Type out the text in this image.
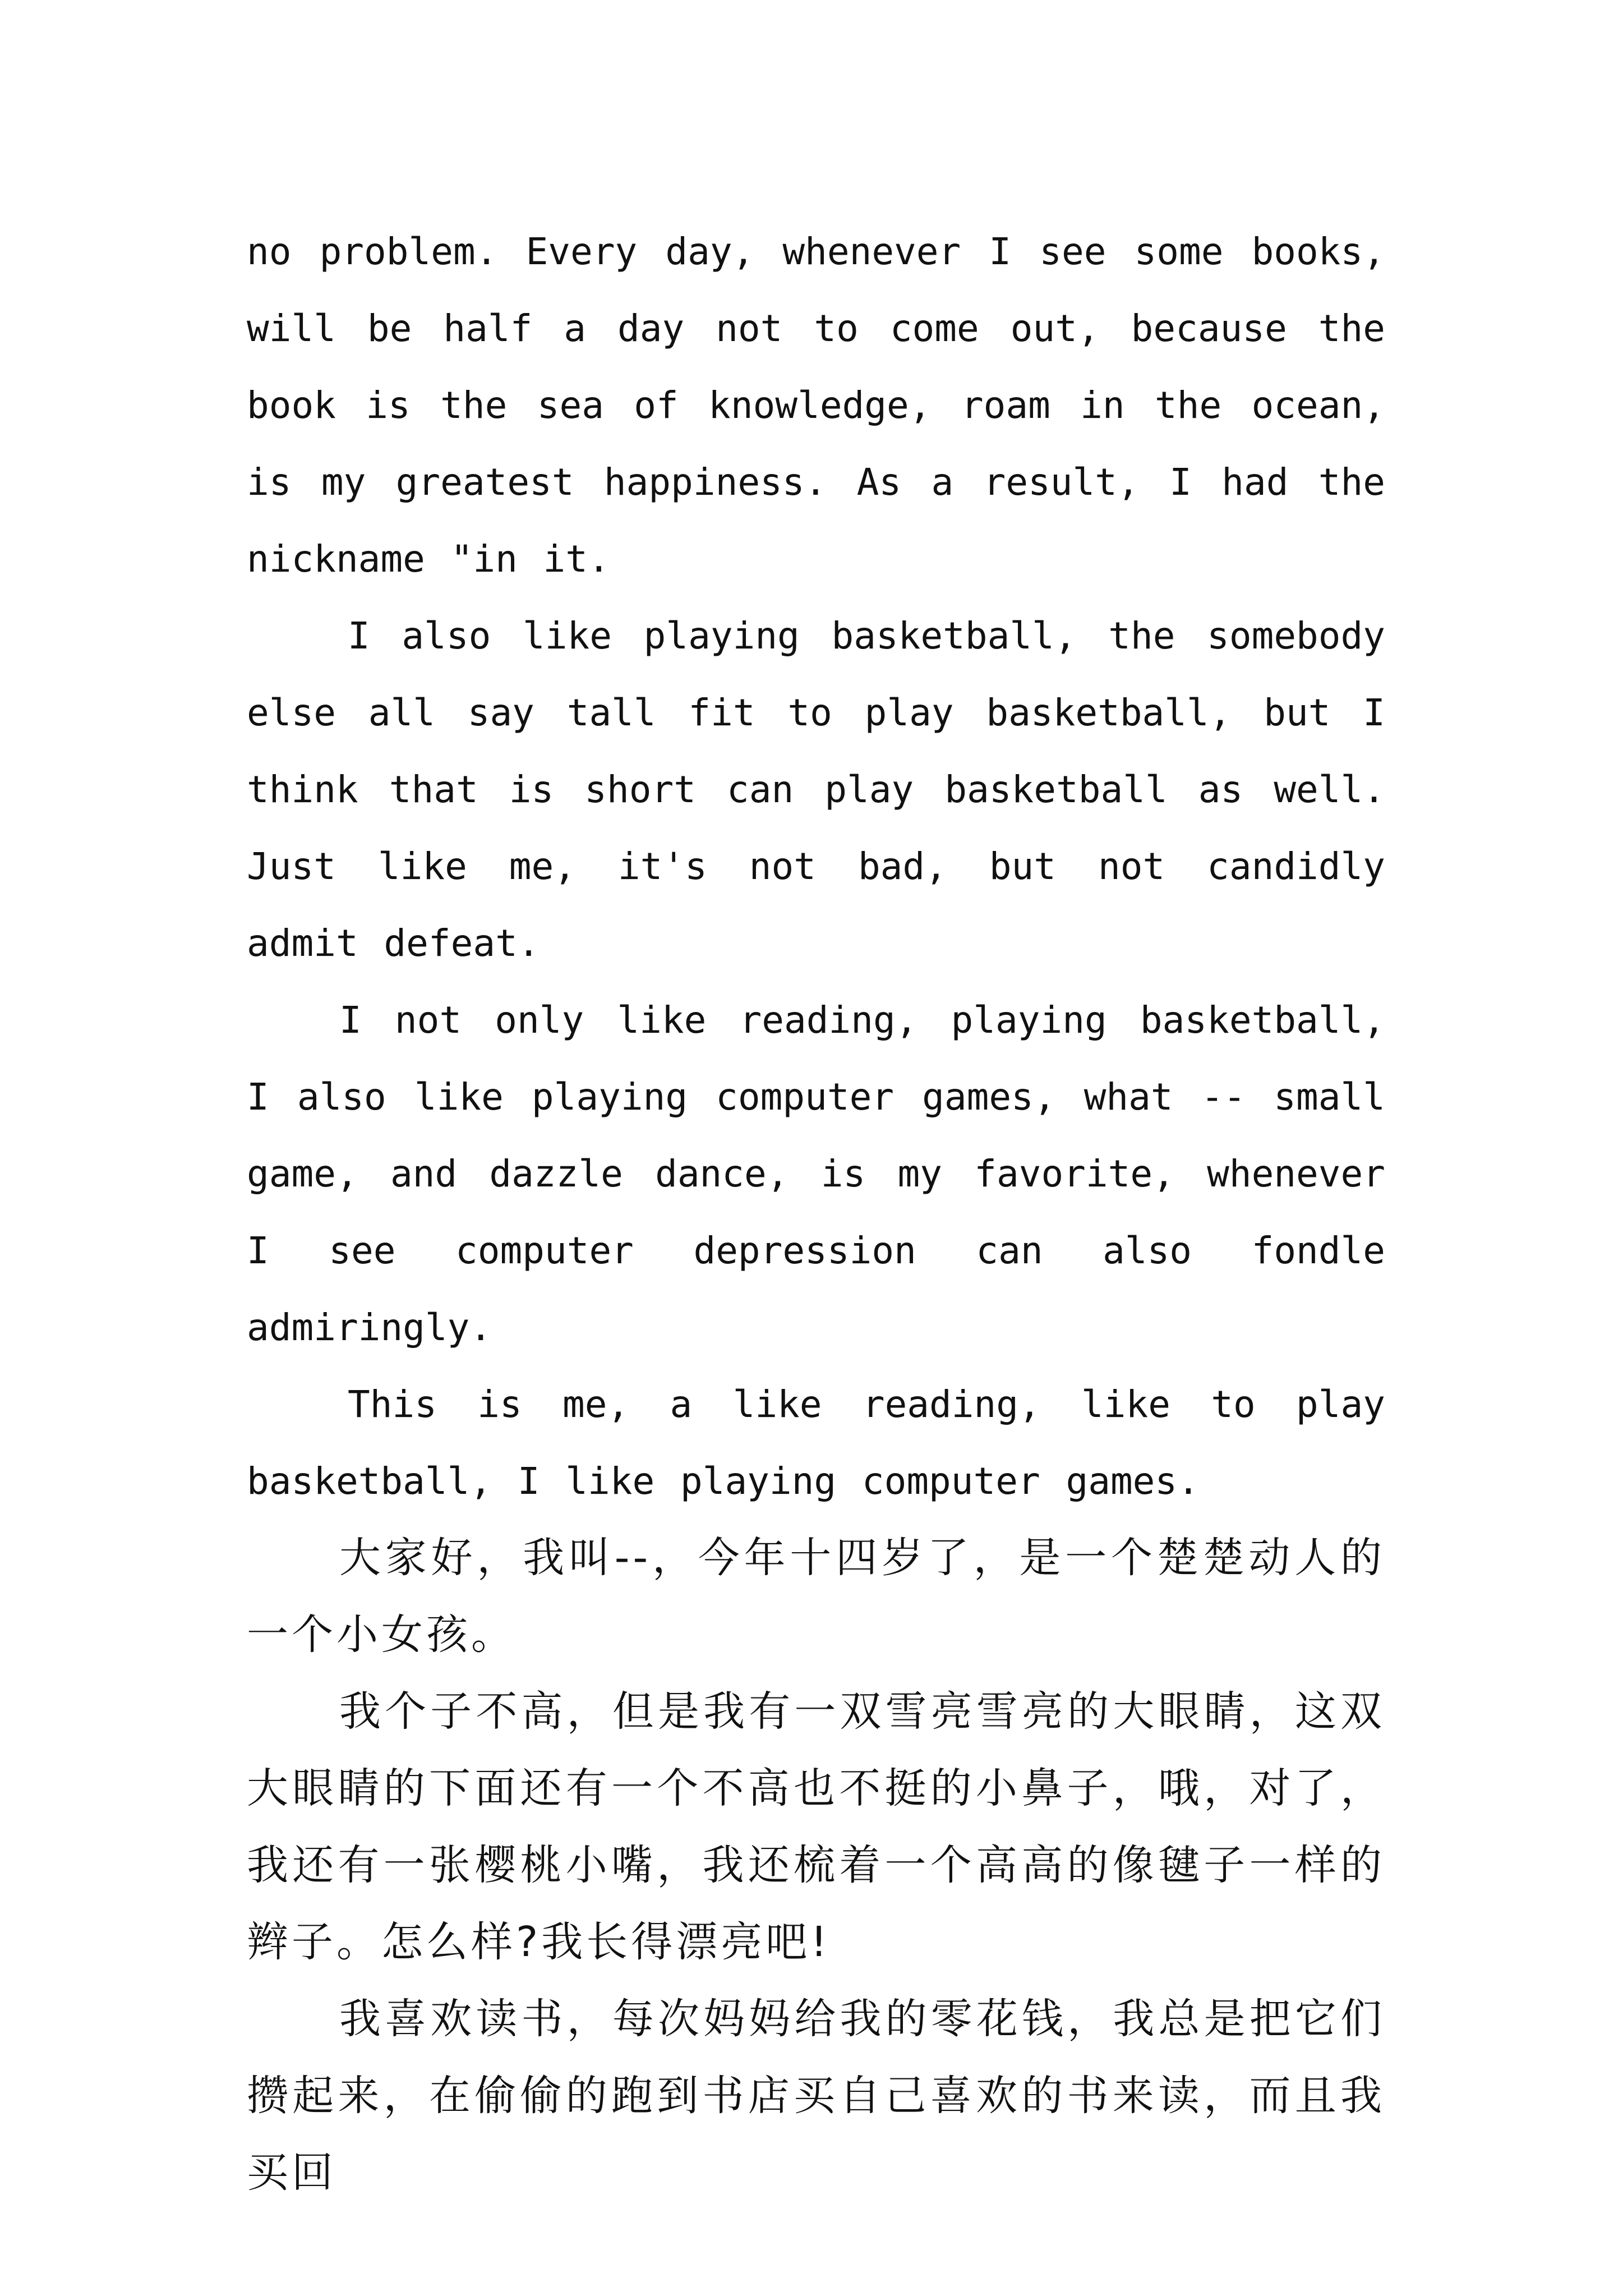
no problem. Every day, whenever I see some books, will be half a day not to come out, because the book is the sea of knowledge, roam in the ocean, is my greatest happiness. As a result, I had the nickname "in it.

I also like playing basketball, the somebody else all say tall fit to play basketball, but I think that is short can play basketball as well. Just like me, it's not bad, but not candidly admit defeat.

I not only like reading, playing basketball, I also like playing computer games, what -- small game, and dazzle dance, is my favorite, whenever I see computer depression can also fondle admiringly.

This is me, a like reading, like to play basketball, I like playing computer games.

大家好，我叫--，今年十四岁了，是一个楚楚动人的一个小女孩。

我个子不高，但是我有一双雪亮雪亮的大眼睛，这双大眼睛的下面还有一个不高也不挺的小鼻子，哦，对了，我还有一张樱桃小嘴，我还梳着一个高高的像毽子一样的辫子。怎么样?我长得漂亮吧!

我喜欢读书，每次妈妈给我的零花钱，我总是把它们攒起来，在偷偷的跑到书店买自己喜欢的书来读，而且我买回
